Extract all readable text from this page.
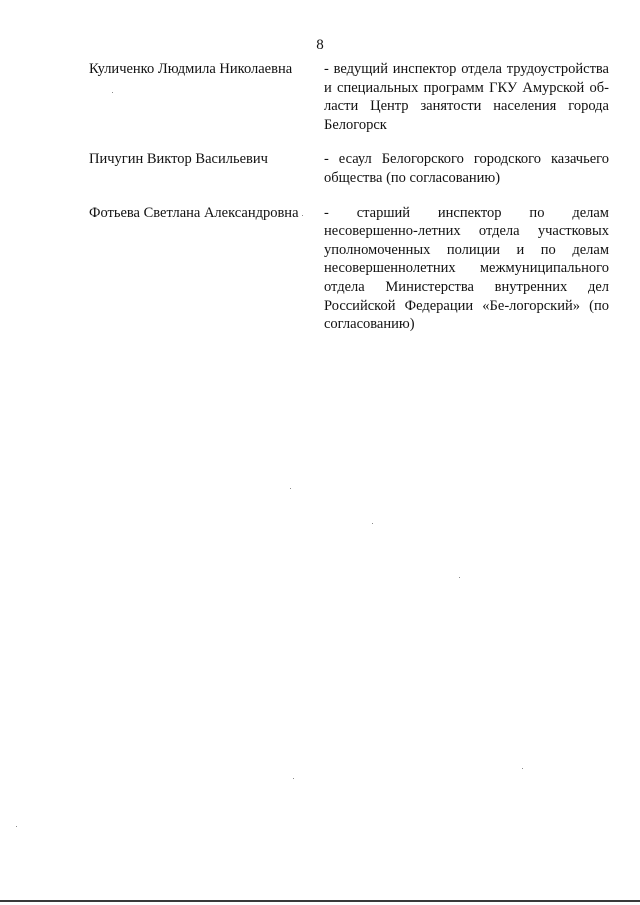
8
Куличенко Людмила Николаевна	- ведущий инспектор отдела трудоустройства и специальных программ ГКУ Амурской об-ласти Центр занятости населения города Белогорск
Пичугин Виктор Васильевич	- есаул Белогорского городского казачьего общества (по согласованию)
Фотьева Светлана Александровна	- старший инспектор по делам несовершенно-летних отдела участковых уполномоченных полиции и по делам несовершеннолетних межмуниципального отдела Министерства внутренних дел Российской Федерации «Бе-логорский» (по согласованию)
